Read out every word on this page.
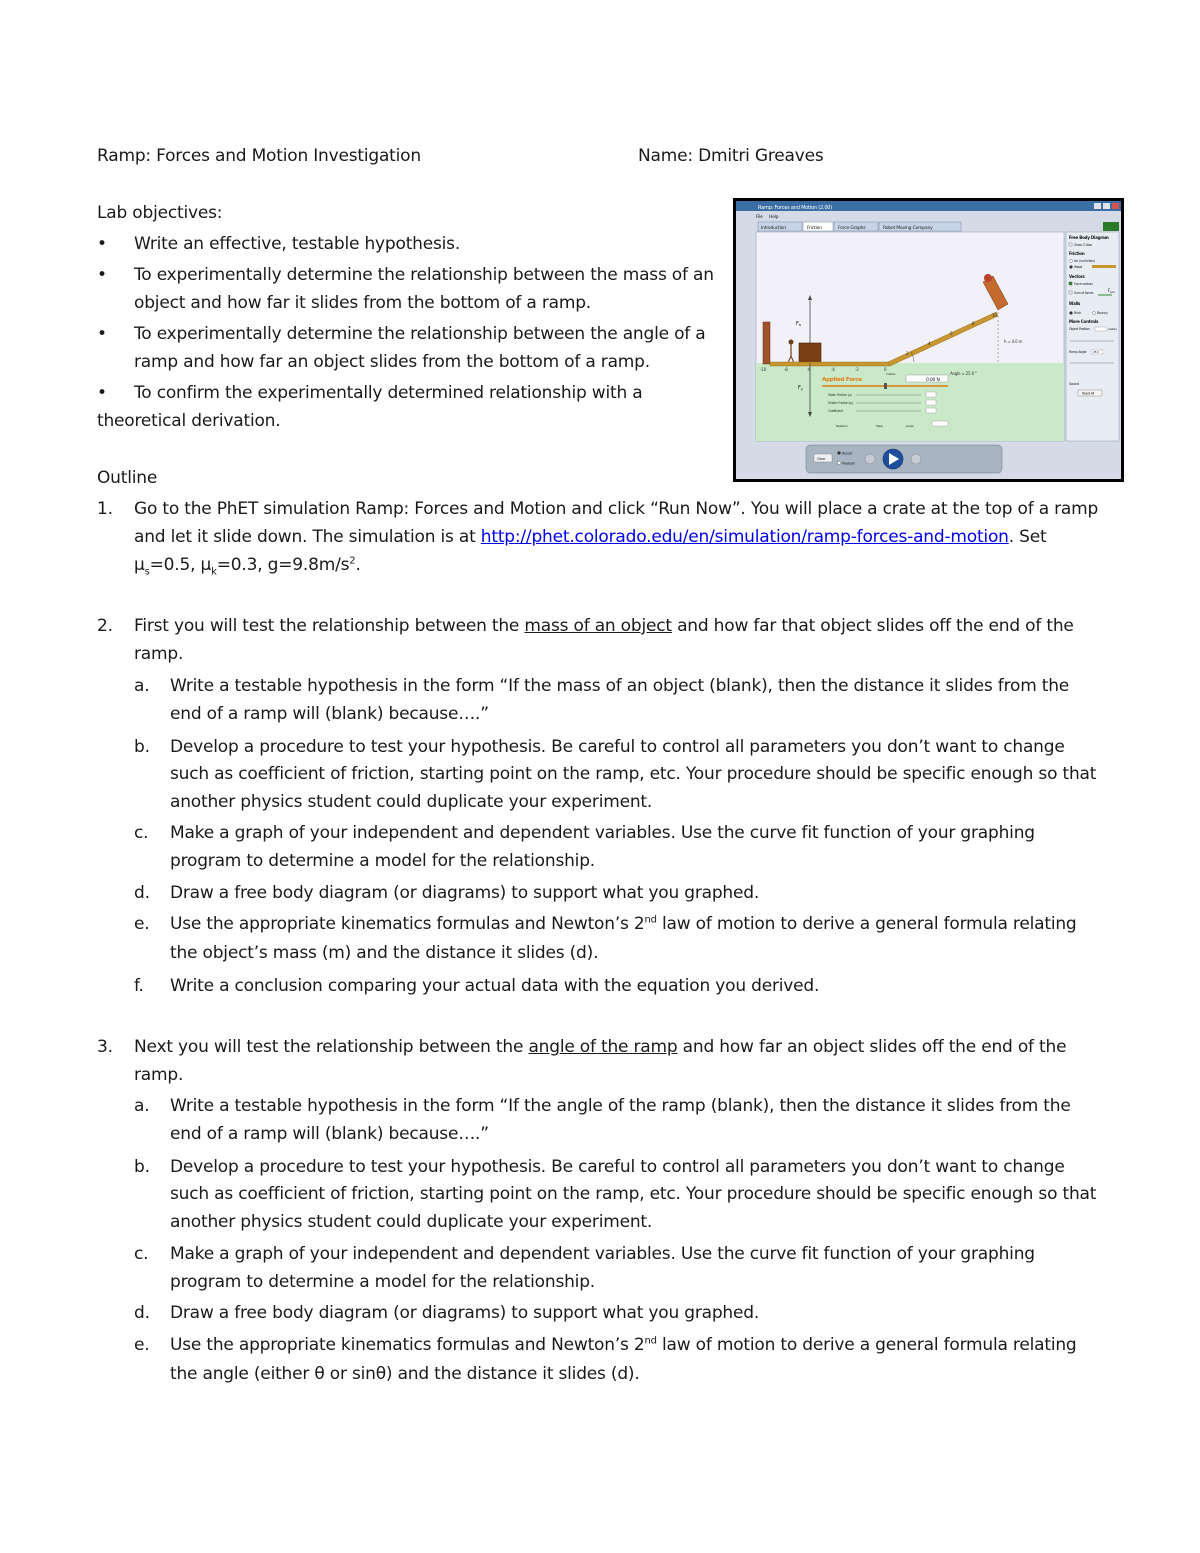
Ramp: Forces and Motion Investigation	Name: Dmitri Greaves
Lab objectives:
• Write an effective, testable hypothesis.
• To experimentally determine the relationship between the mass of an
object and how far it slides from the bottom of a ramp.
• To experimentally determine the relationship between the angle of a
ramp and how far an object slides from the bottom of a ramp.
• To confirm the experimentally determined relationship with a
theoretical derivation.
Outline
1. Go to the PhET simulation Ramp: Forces and Motion and click “Run Now”. You will place a crate at the top of a ramp
and let it slide down. The simulation is at http://phet.colorado.edu/en/simulation/ramp-forces-and-motion. Set
$\mu_s=0.5$, $\mu_k=0.3$, $g=9.8m/s^2$.
2. First you will test the relationship between the mass of an object and how far that object slides off the end of the
ramp.
a. Write a testable hypothesis in the form “If the mass of an object (blank), then the distance it slides from the
end of a ramp will (blank) because….”
b. Develop a procedure to test your hypothesis. Be careful to control all parameters you don’t want to change
such as coefficient of friction, starting point on the ramp, etc. Your procedure should be specific enough so that
another physics student could duplicate your experiment.
c. Make a graph of your independent and dependent variables. Use the curve fit function of your graphing
program to determine a model for the relationship.
d. Draw a free body diagram (or diagrams) to support what you graphed.
e. Use the appropriate kinematics formulas and Newton’s 2nd law of motion to derive a general formula relating
the object’s mass (m) and the distance it slides (d).
f. Write a conclusion comparing your actual data with the equation you derived.
3. Next you will test the relationship between the angle of the ramp and how far an object slides off the end of the
ramp.
a. Write a testable hypothesis in the form “If the angle of the ramp (blank), then the distance it slides from the
end of a ramp will (blank) because….”
b. Develop a procedure to test your hypothesis. Be careful to control all parameters you don’t want to change
such as coefficient of friction, starting point on the ramp, etc. Your procedure should be specific enough so that
another physics student could duplicate your experiment.
c. Make a graph of your independent and dependent variables. Use the curve fit function of your graphing
program to determine a model for the relationship.
d. Draw a free body diagram (or diagrams) to support what you graphed.
e. Use the appropriate kinematics formulas and Newton’s 2nd law of motion to derive a general formula relating
the angle (either θ or sinθ) and the distance it slides (d).
Ramp: Forces and Motion (2.00)
File Help
Introduction	Friction	Force Graphs	Robot Moving Company
h = 4.0 m
-10	-8	-6	-4	-2	0
meters
2
4
6
8
10
$F_N$
$F_g$
Angle = 25.0 °
Applied Force	0.00 N
Static Friction (μ)
Kinetic Friction (μ)
Coefficient
Newtons	Mass	Joules
Free Body Diagram
Show ☑ Also
Friction
Ice (no friction)
Wood
Vectors
Force vectors
Sum of forces	$F_{sum}$
Walls
Brick	Bouncy
More Controls
Object Position	meters
Ramp Angle 25.0
Sound
Reset All
Clear
Record
Playback
